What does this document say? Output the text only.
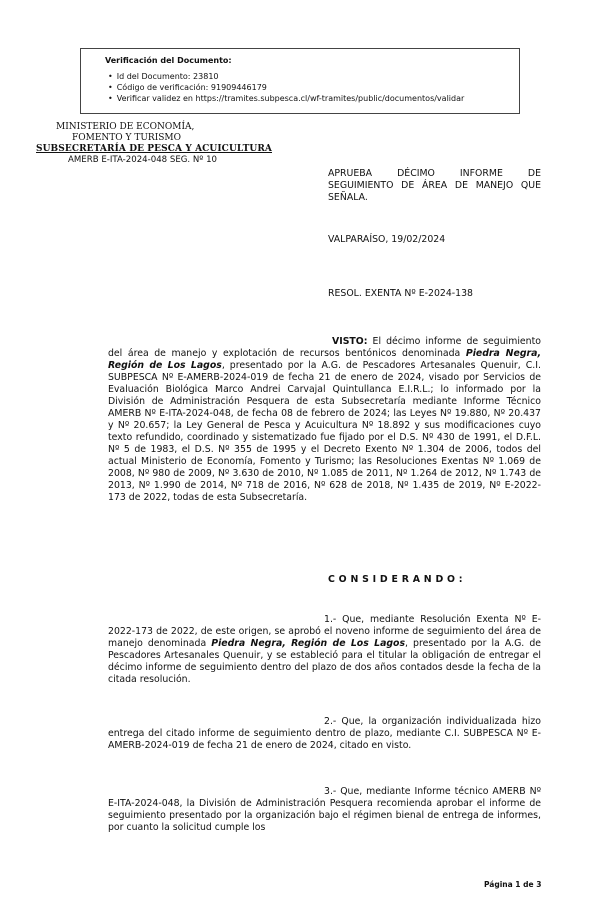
Verificación del Documento:
• Id del Documento: 23810
• Código de verificación: 91909446179
• Verificar validez en https://tramites.subpesca.cl/wf-tramites/public/documentos/validar
MINISTERIO DE ECONOMÍA,
FOMENTO Y TURISMO
SUBSECRETARÍA DE PESCA Y ACUICULTURA
AMERB E-ITA-2024-048 SEG. Nº 10
APRUEBA DÉCIMO INFORME DE SEGUIMIENTO DE ÁREA DE MANEJO QUE SEÑALA.
VALPARAÍSO, 19/02/2024
RESOL. EXENTA Nº E-2024-138
VISTO: El décimo informe de seguimiento del área de manejo y explotación de recursos bentónicos denominada Piedra Negra, Región de Los Lagos, presentado por la A.G. de Pescadores Artesanales Quenuir, C.I. SUBPESCA Nº E-AMERB-2024-019 de fecha 21 de enero de 2024, visado por Servicios de Evaluación Biológica Marco Andrei Carvajal Quintullanca E.I.R.L.; lo informado por la División de Administración Pesquera de esta Subsecretaría mediante Informe Técnico AMERB Nº E-ITA-2024-048, de fecha 08 de febrero de 2024; las Leyes Nº 19.880, Nº 20.437 y Nº 20.657; la Ley General de Pesca y Acuicultura Nº 18.892 y sus modificaciones cuyo texto refundido, coordinado y sistematizado fue fijado por el D.S. Nº 430 de 1991, el D.F.L. Nº 5 de 1983, el D.S. Nº 355 de 1995 y el Decreto Exento Nº 1.304 de 2006, todos del actual Ministerio de Economía, Fomento y Turismo; las Resoluciones Exentas Nº 1.069 de 2008, Nº 980 de 2009, Nº 3.630 de 2010, Nº 1.085 de 2011, Nº 1.264 de 2012, Nº 1.743 de 2013, Nº 1.990 de 2014, Nº 718 de 2016, Nº 628 de 2018, Nº 1.435 de 2019, Nº E-2022-173 de 2022, todas de esta Subsecretaría.
CONSIDERANDO:
1.- Que, mediante Resolución Exenta Nº E-2022-173 de 2022, de este origen, se aprobó el noveno informe de seguimiento del área de manejo denominada Piedra Negra, Región de Los Lagos, presentado por la A.G. de Pescadores Artesanales Quenuir, y se estableció para el titular la obligación de entregar el décimo informe de seguimiento dentro del plazo de dos años contados desde la fecha de la citada resolución.
2.- Que, la organización individualizada hizo entrega del citado informe de seguimiento dentro de plazo, mediante C.I. SUBPESCA Nº E-AMERB-2024-019 de fecha 21 de enero de 2024, citado en visto.
3.- Que, mediante Informe técnico AMERB Nº E-ITA-2024-048, la División de Administración Pesquera recomienda aprobar el informe de seguimiento presentado por la organización bajo el régimen bienal de entrega de informes, por cuanto la solicitud cumple los
Página 1 de 3
